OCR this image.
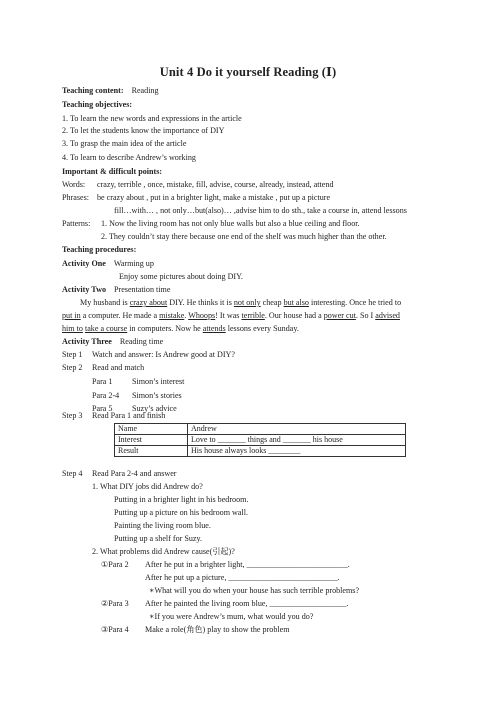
Unit 4 Do it yourself Reading (Ⅰ)
Teaching content: Reading
Teaching objectives:
1. To learn the new words and expressions in the article
2. To let the students know the importance of DIY
3. To grasp the main idea of the article
4. To learn to describe Andrew’s working
Important & difficult points:
Words: crazy, terrible , once, mistake, fill, advise, course, already, instead, attend
Phrases: be crazy about , put in a brighter light, make a mistake , put up a picture
fill…with… , not only…but(also)… ,advise him to do sth., take a course in, attend lessons
Patterns: 1. Now the living room has not only blue walls but also a blue ceiling and floor.
2. They couldn’t stay there because one end of the shelf was much higher than the other.
Teaching procedures:
Activity One Warming up
Enjoy some pictures about doing DIY.
Activity Two Presentation time
My husband is crazy about DIY. He thinks it is not only cheap but also interesting. Once he tried to
put in a computer. He made a mistake. Whoops! It was terrible. Our house had a power cut. So I advised
him to take a course in computers. Now he attends lessons every Sunday.
Activity Three Reading time
Step 1 Watch and answer: Is Andrew good at DIY?
Step 2 Read and match
Para 1 Simon’s interest
Para 2-4 Simon’s stories
Para 5 Suzy’s advice
Step 3 Read Para 1 and finish
Name	Andrew
Interest	Love to _______ things and _______ his house
Result	His house always looks ________
Step 4 Read Para 2-4 and answer
1. What DIY jobs did Andrew do?
Putting in a brighter light in his bedroom.
Putting up a picture on his bedroom wall.
Painting the living room blue.
Putting up a shelf for Suzy.
2. What problems did Andrew cause(引起)?
①Para 2 After he put in a brighter light, _________________________.
After he put up a picture, ___________________________.
∗What will you do when your house has such terrible problems?
②Para 3 After he painted the living room blue, ___________________.
∗If you were Andrew’s mum, what would you do?
③Para 4 Make a role(角色) play to show the problem
